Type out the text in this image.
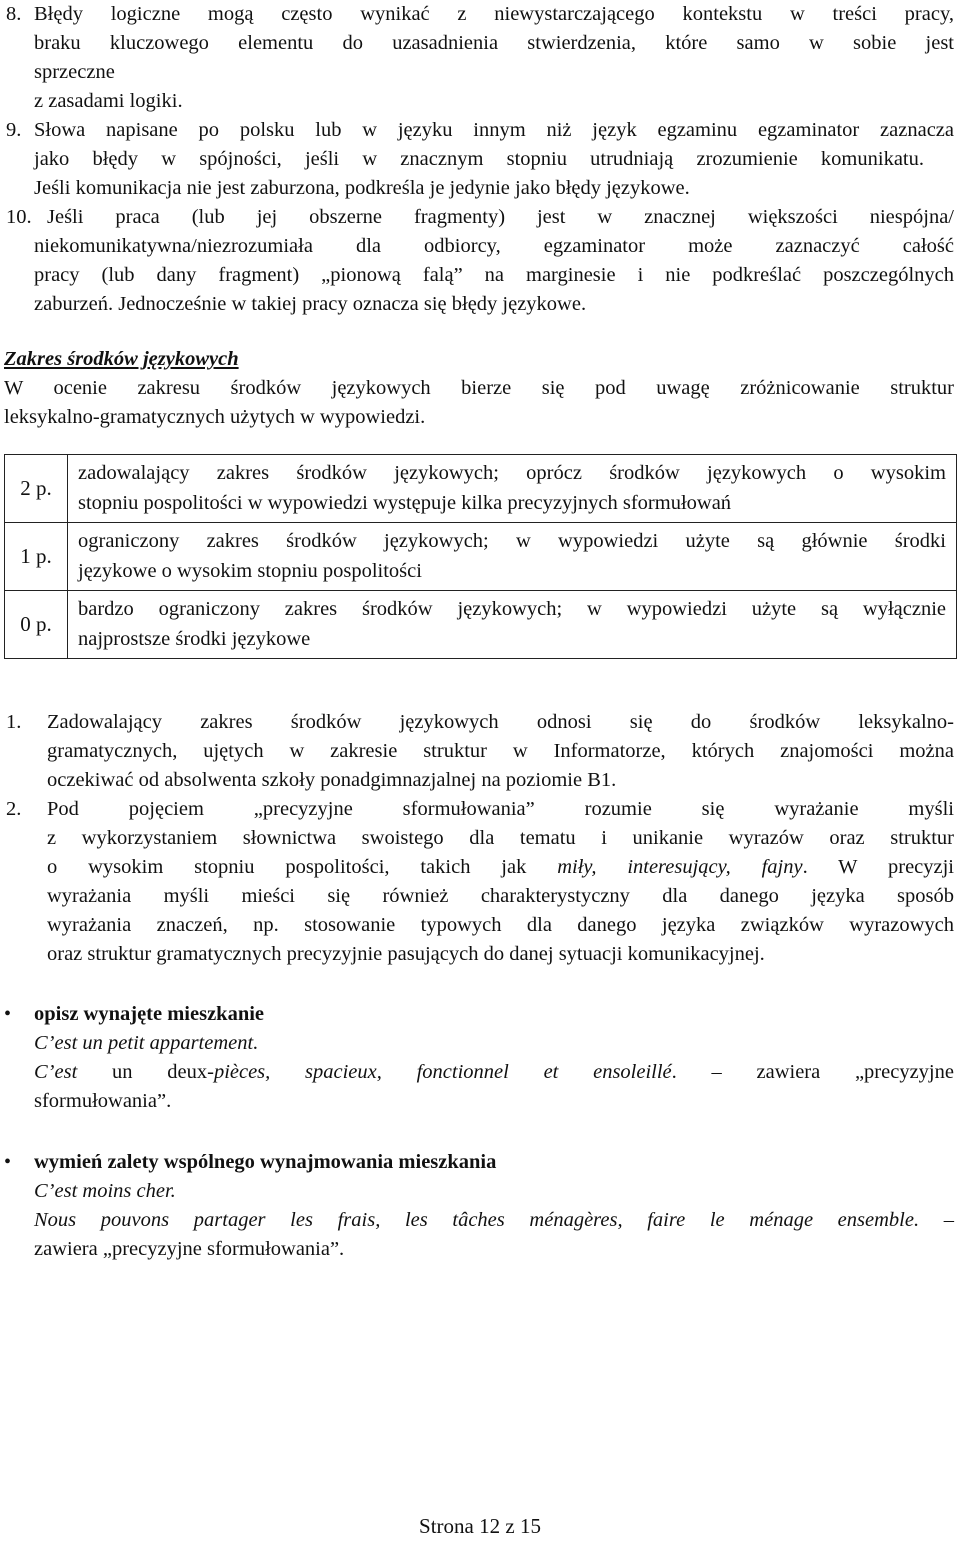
8. Błędy logiczne mogą często wynikać z niewystarczającego kontekstu w treści pracy,
braku kluczowego elementu do uzasadnienia stwierdzenia, które samo w sobie jest
sprzeczne
z zasadami logiki.
9. Słowa napisane po polsku lub w języku innym niż język egzaminu egzaminator zaznacza
jako błędy w spójności, jeśli w znacznym stopniu utrudniają zrozumienie komunikatu.
Jeśli komunikacja nie jest zaburzona, podkreśla je jedynie jako błędy językowe.
10. Jeśli praca (lub jej obszerne fragmenty) jest w znacznej większości niespójna/
niekomunikatywna/niezrozumiała dla odbiorcy, egzaminator może zaznaczyć całość
pracy (lub dany fragment) „pionową falą” na marginesie i nie podkreślać poszczególnych
zaburzeń. Jednocześnie w takiej pracy oznacza się błędy językowe.
Zakres środków językowych
W ocenie zakresu środków językowych bierze się pod uwagę zróżnicowanie struktur
leksykalno-gramatycznych użytych w wypowiedzi.
2 p.	zadowalający zakres środków językowych; oprócz środków językowych o wysokim
stopniu pospolitości w wypowiedzi występuje kilka precyzyjnych sformułowań

1 p.	ograniczony zakres środków językowych; w wypowiedzi użyte są głównie środki
językowe o wysokim stopniu pospolitości

0 p.	bardzo ograniczony zakres środków językowych; w wypowiedzi użyte są wyłącznie
najprostsze środki językowe
1. Zadowalający zakres środków językowych odnosi się do środków leksykalno-
gramatycznych, ujętych w zakresie struktur w Informatorze, których znajomości można
oczekiwać od absolwenta szkoły ponadgimnazjalnej na poziomie B1.
2. Pod pojęciem „precyzyjne sformułowania” rozumie się wyrażanie myśli
z wykorzystaniem słownictwa swoistego dla tematu i unikanie wyrazów oraz struktur
o wysokim stopniu pospolitości, takich jak miły, interesujący, fajny. W precyzji
wyrażania myśli mieści się również charakterystyczny dla danego języka sposób
wyrażania znaczeń, np. stosowanie typowych dla danego języka związków wyrazowych
oraz struktur gramatycznych precyzyjnie pasujących do danej sytuacji komunikacyjnej.
• opisz wynajęte mieszkanie
C’est un petit appartement.
C’est un deux-pièces, spacieux, fonctionnel et ensoleillé. – zawiera „precyzyjne
sformułowania”.
• wymień zalety wspólnego wynajmowania mieszkania
C’est moins cher.
Nous pouvons partager les frais, les tâches ménagères, faire le ménage ensemble. –
zawiera „precyzyjne sformułowania”.
Strona 12 z 15
